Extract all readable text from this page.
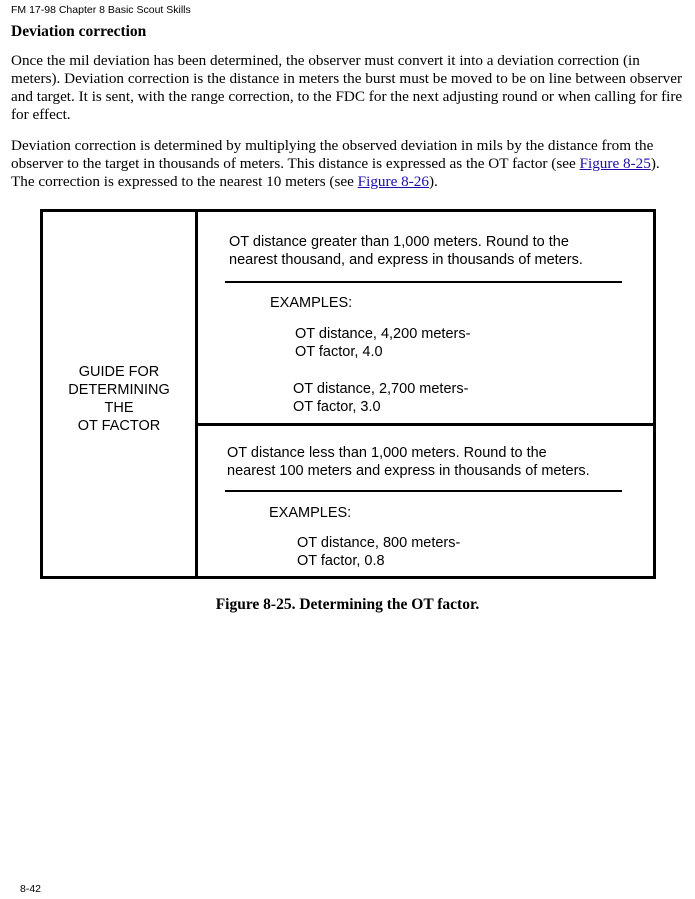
FM 17-98 Chapter 8 Basic Scout Skills
Deviation correction

Once the mil deviation has been determined, the observer must convert it into a deviation correction (in meters). Deviation correction is the distance in meters the burst must be moved to be on line between observer and target. It is sent, with the range correction, to the FDC for the next adjusting round or when calling for fire for effect.

Deviation correction is determined by multiplying the observed deviation in mils by the distance from the observer to the target in thousands of meters. This distance is expressed as the OT factor (see Figure 8-25). The correction is expressed to the nearest 10 meters (see Figure 8-26).

GUIDE FOR
DETERMINING
THE
OT FACTOR
OT distance greater than 1,000 meters. Round to the
nearest thousand, and express in thousands of meters.
EXAMPLES:
OT distance, 4,200 meters-
OT factor, 4.0
OT distance, 2,700 meters-
OT factor, 3.0
OT distance less than 1,000 meters. Round to the
nearest 100 meters and express in thousands of meters.
EXAMPLES:
OT distance, 800 meters-
OT factor, 0.8
Figure 8-25. Determining the OT factor.
8-42
